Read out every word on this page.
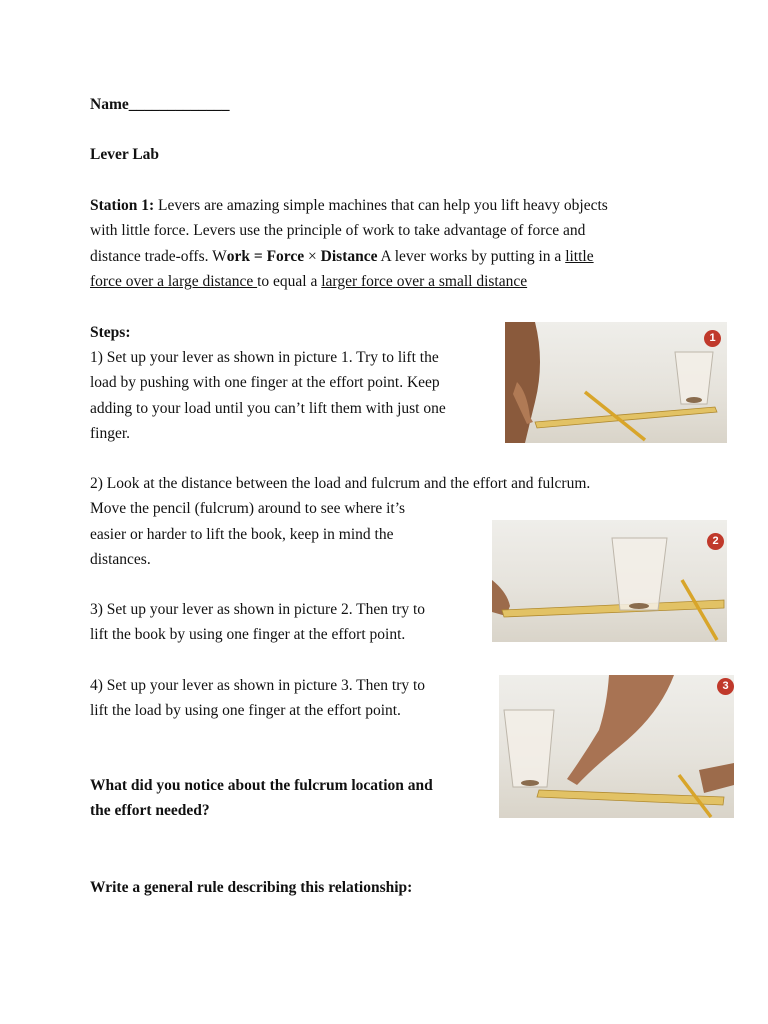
Name_____________
Lever Lab
Station 1: Levers are amazing simple machines that can help you lift heavy objects
with little force. Levers use the principle of work to take advantage of force and
distance trade-offs. Work = Force × Distance A lever works by putting in a little
force over a large distance to equal a larger force over a small distance
Steps:
1) Set up your lever as shown in picture 1. Try to lift the
load by pushing with one finger at the effort point. Keep
adding to your load until you can’t lift them with just one
finger.
2) Look at the distance between the load and fulcrum and the effort and fulcrum.
Move the pencil (fulcrum) around to see where it’s
easier or harder to lift the book, keep in mind the
distances.
3) Set up your lever as shown in picture 2. Then try to
lift the book by using one finger at the effort point.
4) Set up your lever as shown in picture 3. Then try to
lift the load by using one finger at the effort point.
What did you notice about the fulcrum location and
the effort needed?
Write a general rule describing this relationship:
1
2
3
